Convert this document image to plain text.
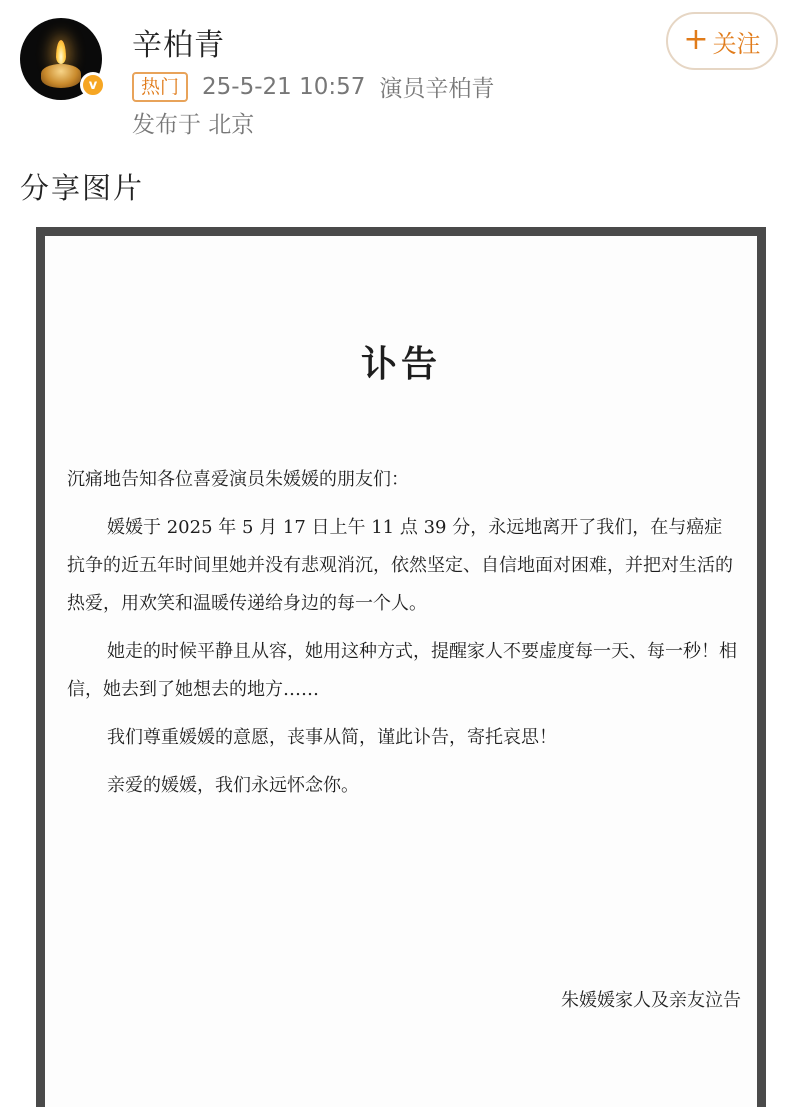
v
辛柏青
热门	25-5-21 10:57 演员辛柏青
发布于 北京
+ 关注
分享图片
讣告

沉痛地告知各位喜爱演员朱媛媛的朋友们：

媛媛于 2025 年 5 月 17 日上午 11 点 39 分，永远地离开了我们，在与癌症抗争的近五年时间里她并没有悲观消沉，依然坚定、自信地面对困难，并把对生活的热爱，用欢笑和温暖传递给身边的每一个人。

她走的时候平静且从容，她用这种方式，提醒家人不要虚度每一天、每一秒！相信，她去到了她想去的地方……

我们尊重媛媛的意愿，丧事从简，谨此讣告，寄托哀思！

亲爱的媛媛，我们永远怀念你。

朱媛媛家人及亲友泣告
